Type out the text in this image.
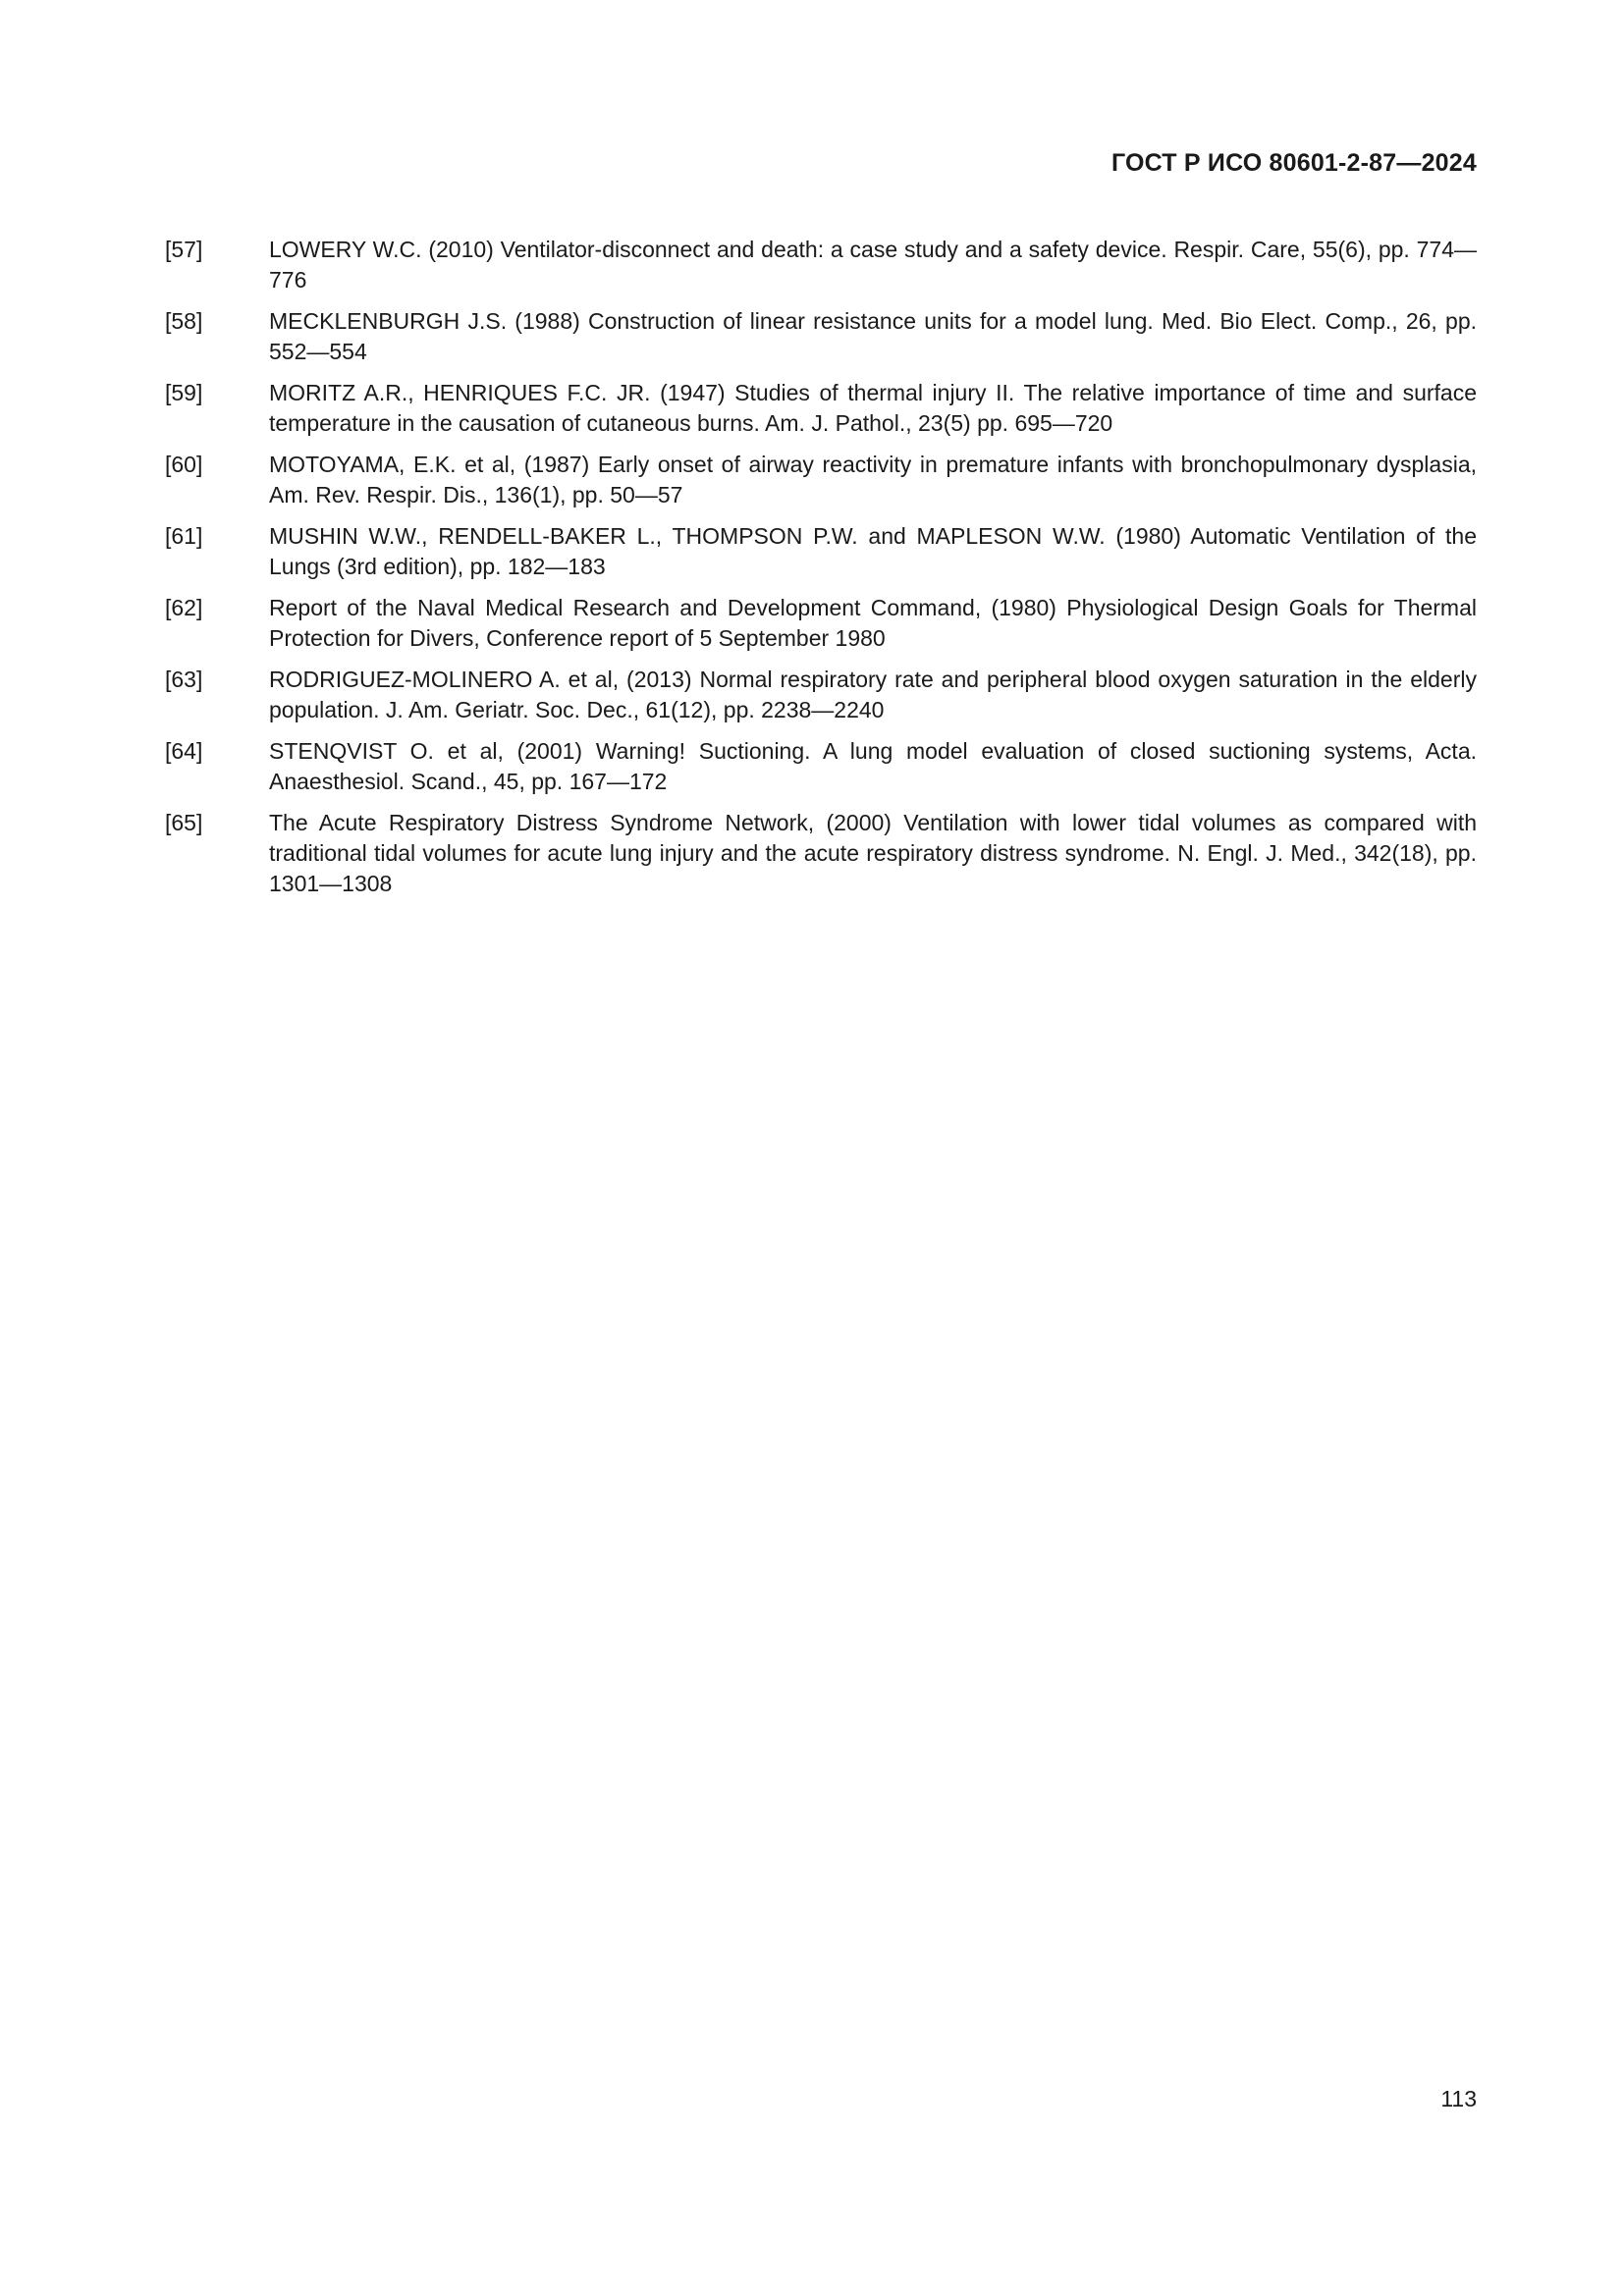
ГОСТ Р ИСО 80601-2-87—2024
[57]	LOWERY W.C. (2010) Ventilator-disconnect and death: a case study and a safety device. Respir. Care, 55(6), pp. 774—776
[58]	MECKLENBURGH J.S. (1988) Construction of linear resistance units for a model lung. Med. Bio Elect. Comp., 26, pp. 552—554
[59]	MORITZ A.R., HENRIQUES F.C. JR. (1947) Studies of thermal injury II. The relative importance of time and surface temperature in the causation of cutaneous burns. Am. J. Pathol., 23(5) pp. 695—720
[60]	MOTOYAMA, E.K. et al, (1987) Early onset of airway reactivity in premature infants with bronchopulmonary dysplasia, Am. Rev. Respir. Dis., 136(1), pp. 50—57
[61]	MUSHIN W.W., RENDELL-BAKER L., THOMPSON P.W. and MAPLESON W.W. (1980) Automatic Ventilation of the Lungs (3rd edition), pp. 182—183
[62]	Report of the Naval Medical Research and Development Command, (1980) Physiological Design Goals for Thermal Protection for Divers, Conference report of 5 September 1980
[63]	RODRIGUEZ-MOLINERO A. et al, (2013) Normal respiratory rate and peripheral blood oxygen saturation in the elderly population. J. Am. Geriatr. Soc. Dec., 61(12), pp. 2238—2240
[64]	STENQVIST O. et al, (2001) Warning! Suctioning. A lung model evaluation of closed suctioning systems, Acta. Anaesthesiol. Scand., 45, pp. 167—172
[65]	The Acute Respiratory Distress Syndrome Network, (2000) Ventilation with lower tidal volumes as compared with traditional tidal volumes for acute lung injury and the acute respiratory distress syndrome. N. Engl. J. Med., 342(18), pp. 1301—1308
113
